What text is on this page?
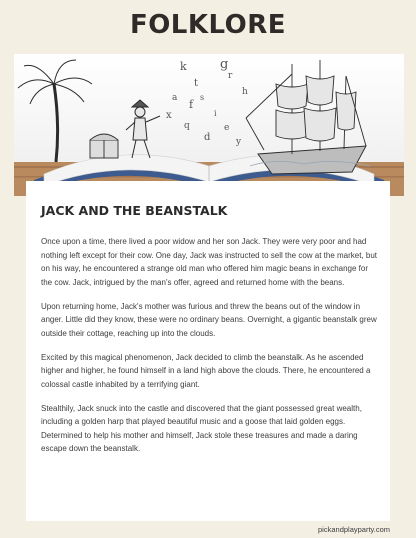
FOLKLORE
k	g
t
h
a f
i
x
e
d
q
y
s
r
JACK AND THE BEANSTALK

Once upon a time, there lived a poor widow and her son Jack. They were very poor and had nothing left except for their cow. One day, Jack was instructed to sell the cow at the market, but on his way, he encountered a strange old man who offered him magic beans in exchange for the cow. Jack, intrigued by the man's offer, agreed and returned home with the beans.

Upon returning home, Jack's mother was furious and threw the beans out of the window in anger. Little did they know, these were no ordinary beans. Overnight, a gigantic beanstalk grew outside their cottage, reaching up into the clouds.

Excited by this magical phenomenon, Jack decided to climb the beanstalk. As he ascended higher and higher, he found himself in a land high above the clouds. There, he encountered a colossal castle inhabited by a terrifying giant.

Stealthily, Jack snuck into the castle and discovered that the giant possessed great wealth, including a golden harp that played beautiful music and a goose that laid golden eggs. Determined to help his mother and himself, Jack stole these treasures and made a daring escape down the beanstalk.

pickandplayparty.com
